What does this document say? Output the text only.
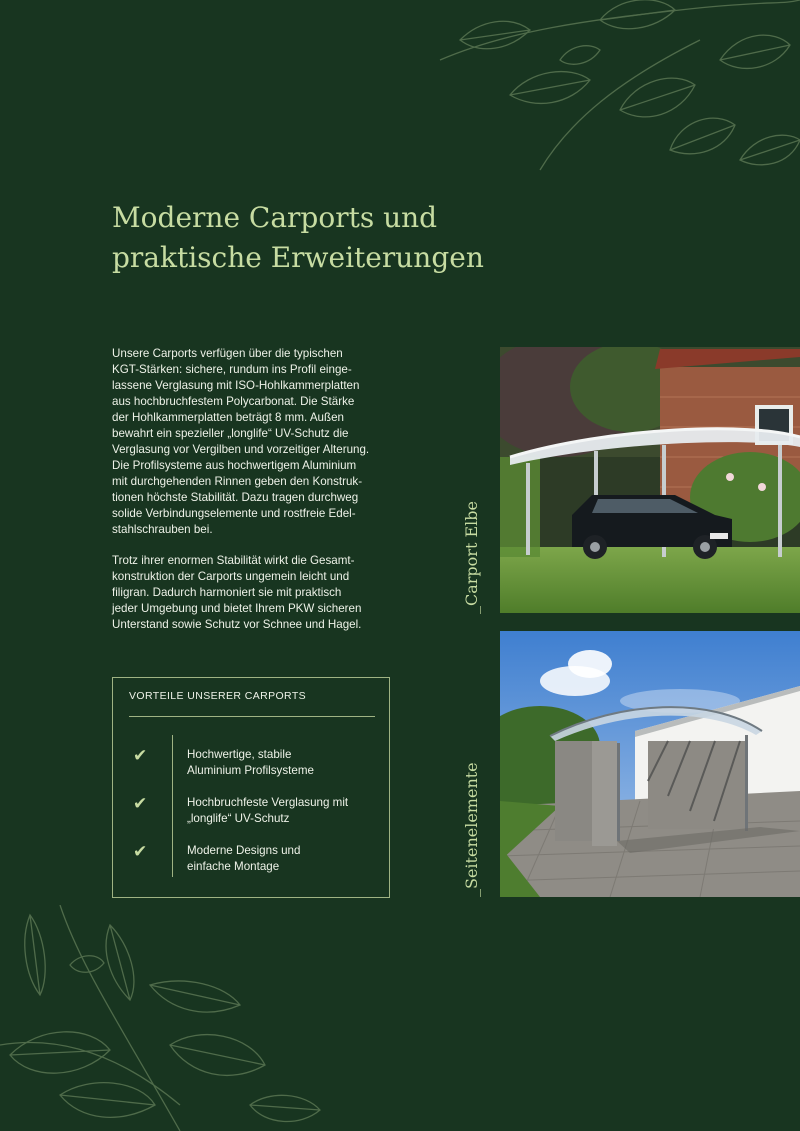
Moderne Carports und
praktische Erweiterungen

Unsere Carports verfügen über die typischen
KGT-Stärken: sichere, rundum ins Profil einge-
lassene Verglasung mit ISO-Hohlkammerplatten
aus hochbruchfestem Polycarbonat. Die Stärke
der Hohlkammerplatten beträgt 8 mm. Außen
bewahrt ein spezieller „longlife“ UV-Schutz die
Verglasung vor Vergilben und vorzeitiger Alterung.
Die Profilsysteme aus hochwertigem Aluminium
mit durchgehenden Rinnen geben den Konstruk-
tionen höchste Stabilität. Dazu tragen durchweg
solide Verbindungselemente und rostfreie Edel-
stahlschrauben bei.

Trotz ihrer enormen Stabilität wirkt die Gesamt-
konstruktion der Carports ungemein leicht und
filigran. Dadurch harmoniert sie mit praktisch
jeder Umgebung und bietet Ihrem PKW sicheren
Unterstand sowie Schutz vor Schnee und Hagel.

VORTEILE UNSERER CARPORTS
✔	Hochwertige, stabile
Aluminium Profilsysteme
✔	Hochbruchfeste Verglasung mit
„longlife“ UV-Schutz
✔	Moderne Designs und
einfache Montage
_Carport Elbe
_Seitenelemente
